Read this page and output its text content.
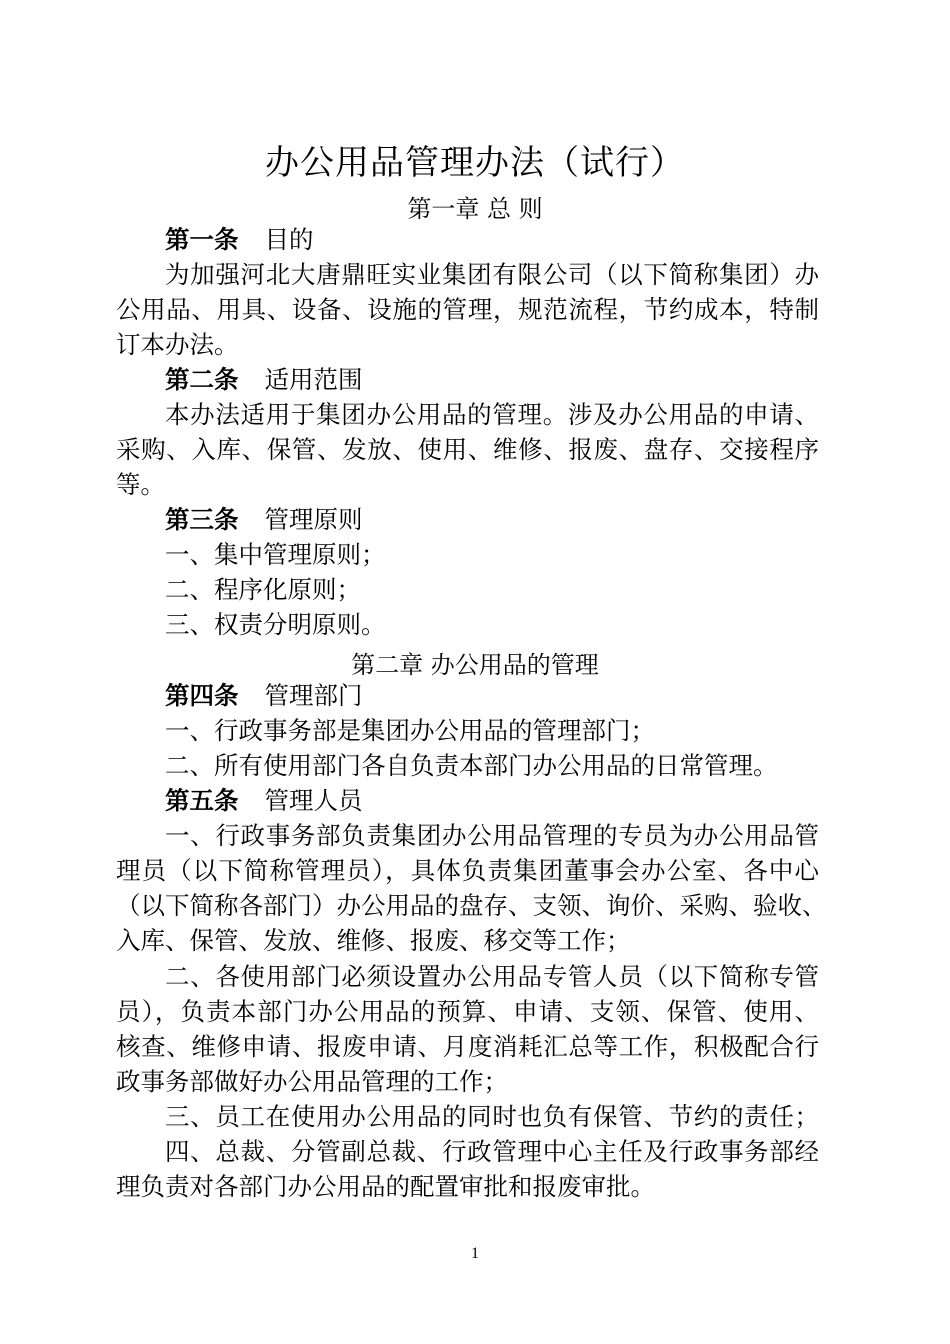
办公用品管理办法（试行）
第一章 总 则
第一条 目的
为加强河北大唐鼎旺实业集团有限公司（以下简称集团）办
公用品、用具、设备、设施的管理，规范流程，节约成本，特制
订本办法。
第二条 适用范围
本办法适用于集团办公用品的管理。涉及办公用品的申请、
采购、入库、保管、发放、使用、维修、报废、盘存、交接程序
等。
第三条 管理原则
一、集中管理原则；
二、程序化原则；
三、权责分明原则。
第二章 办公用品的管理
第四条 管理部门
一、行政事务部是集团办公用品的管理部门；
二、所有使用部门各自负责本部门办公用品的日常管理。
第五条 管理人员
一、行政事务部负责集团办公用品管理的专员为办公用品管
理员（以下简称管理员），具体负责集团董事会办公室、各中心
（以下简称各部门）办公用品的盘存、支领、询价、采购、验收、
入库、保管、发放、维修、报废、移交等工作；
二、各使用部门必须设置办公用品专管人员（以下简称专管
员），负责本部门办公用品的预算、申请、支领、保管、使用、
核查、维修申请、报废申请、月度消耗汇总等工作，积极配合行
政事务部做好办公用品管理的工作；
三、员工在使用办公用品的同时也负有保管、节约的责任；
四、总裁、分管副总裁、行政管理中心主任及行政事务部经
理负责对各部门办公用品的配置审批和报废审批。
1
